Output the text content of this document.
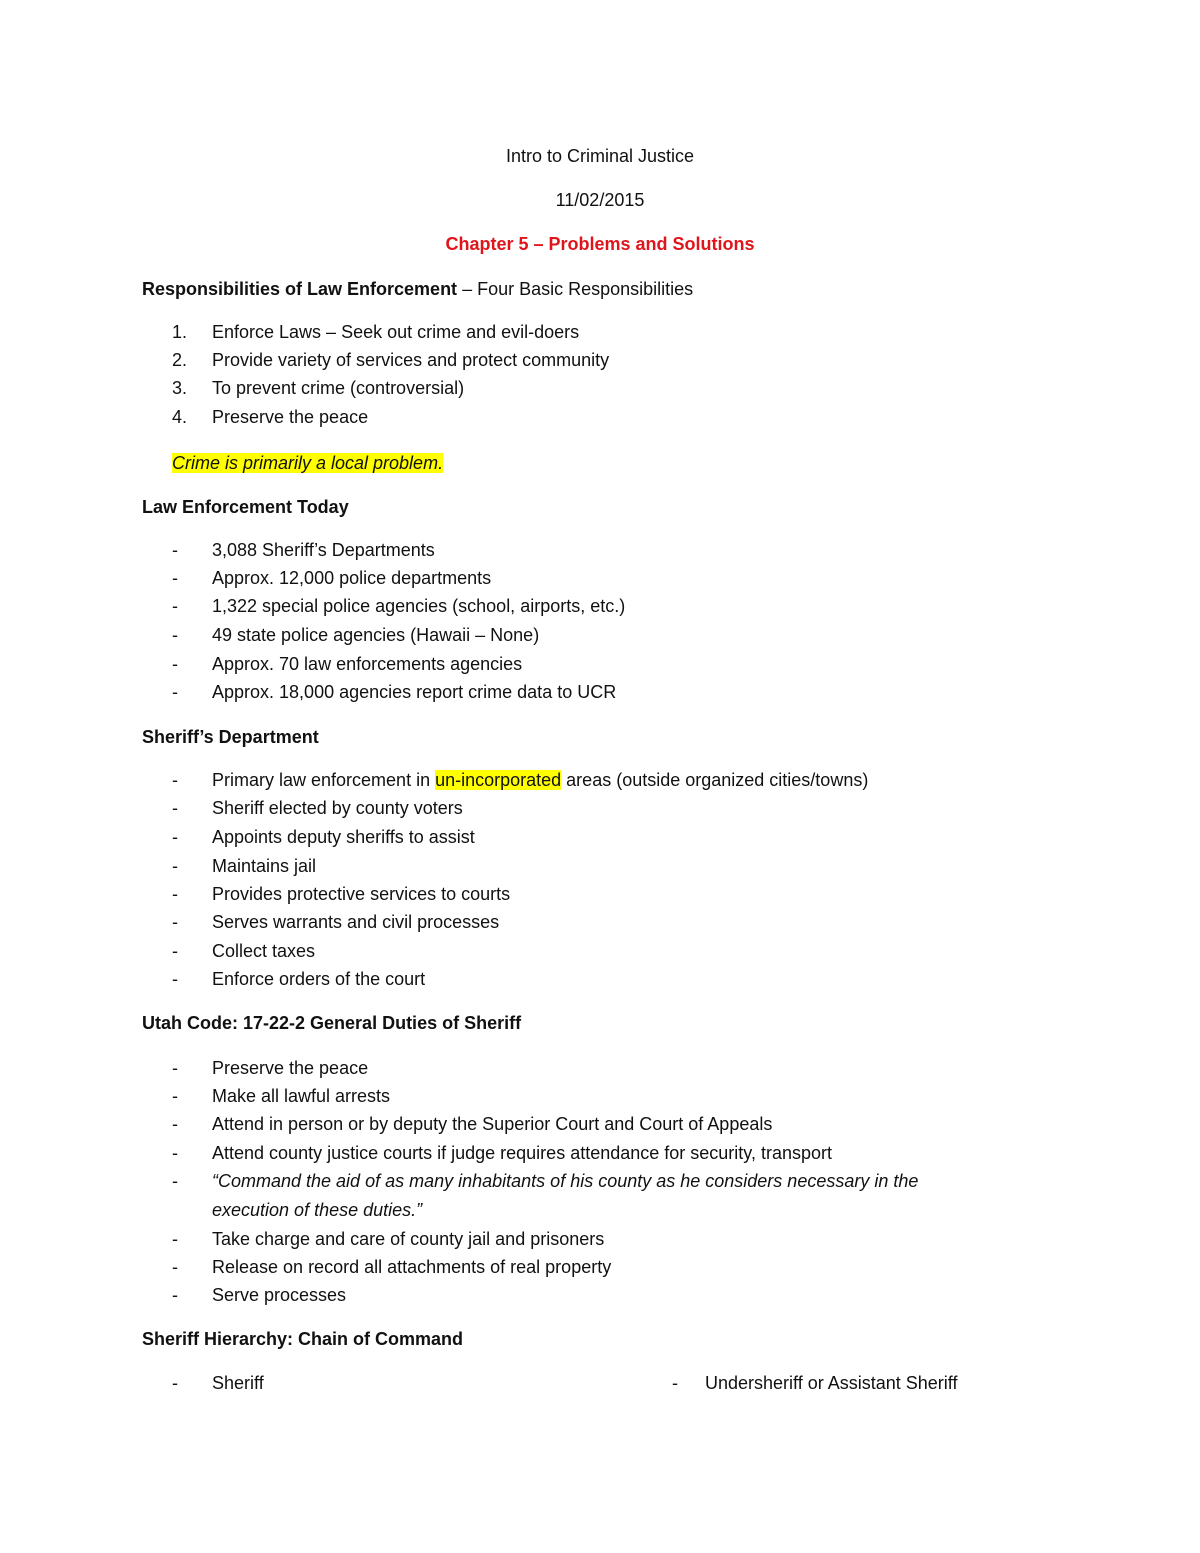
Intro to Criminal Justice
11/02/2015
Chapter 5 – Problems and Solutions
Responsibilities of Law Enforcement – Four Basic Responsibilities
1.	Enforce Laws – Seek out crime and evil-doers
2.	Provide variety of services and protect community
3.	To prevent crime (controversial)
4.	Preserve the peace
Crime is primarily a local problem.
Law Enforcement Today
-	3,088 Sheriff’s Departments
-	Approx. 12,000 police departments
-	1,322 special police agencies (school, airports, etc.)
-	49 state police agencies (Hawaii – None)
-	Approx. 70 law enforcements agencies
-	Approx. 18,000 agencies report crime data to UCR
Sheriff’s Department
-	Primary law enforcement in un-incorporated areas (outside organized cities/towns)
-	Sheriff elected by county voters
-	Appoints deputy sheriffs to assist
-	Maintains jail
-	Provides protective services to courts
-	Serves warrants and civil processes
-	Collect taxes
-	Enforce orders of the court
Utah Code: 17-22-2 General Duties of Sheriff
-	Preserve the peace
-	Make all lawful arrests
-	Attend in person or by deputy the Superior Court and Court of Appeals
-	Attend county justice courts if judge requires attendance for security, transport
-	“Command the aid of as many inhabitants of his county as he considers necessary in the
execution of these duties.”
-	Take charge and care of county jail and prisoners
-	Release on record all attachments of real property
-	Serve processes
Sheriff Hierarchy: Chain of Command
-	Sheriff	-	Undersheriff or Assistant Sheriff
